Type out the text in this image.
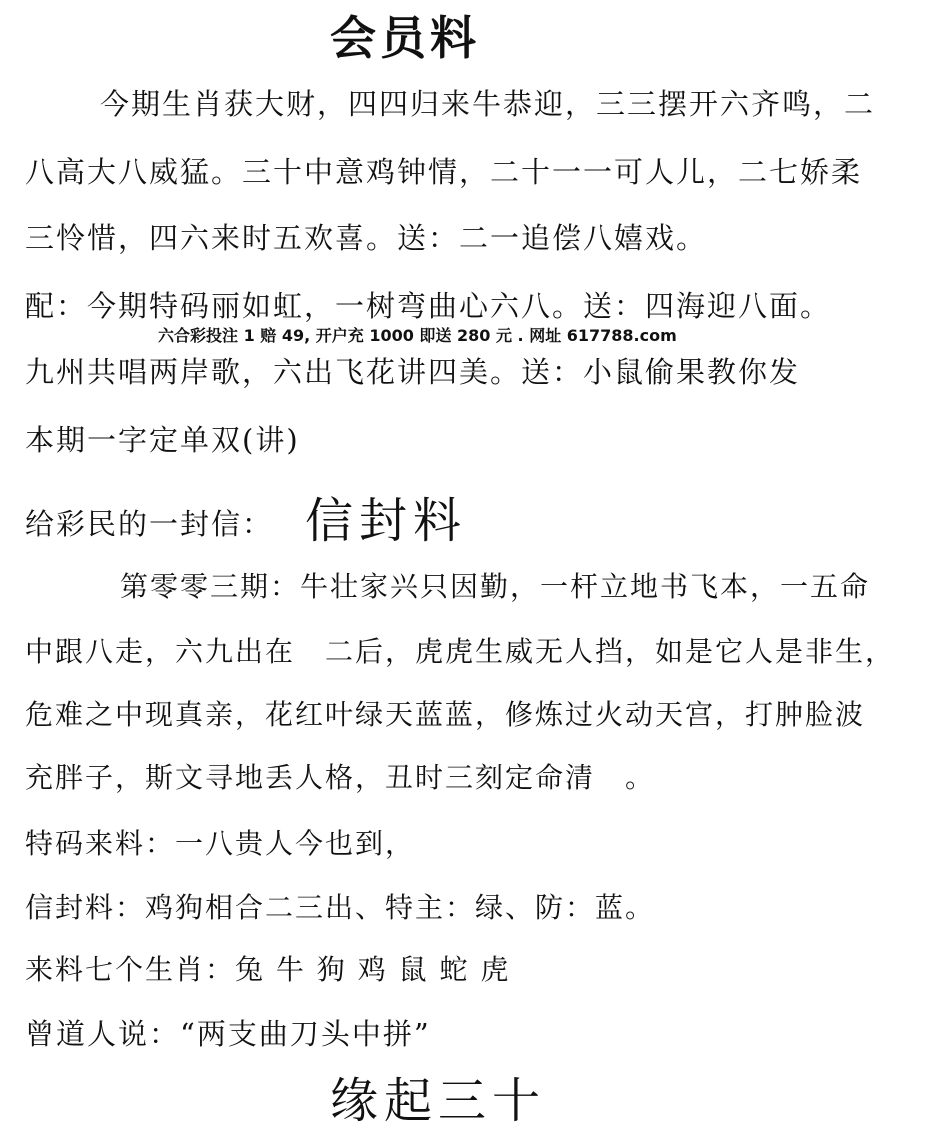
会员料
今期生肖获大财，四四归来牛恭迎，三三摆开六齐鸣，二
八高大八威猛。三十中意鸡钟情，二十一一可人儿，二七娇柔
三怜惜，四六来时五欢喜。送：二一追偿八嬉戏。
配：今期特码丽如虹，一树弯曲心六八。送：四海迎八面。
六合彩投注 1 赔 49, 开户充 1000 即送 280 元 . 网址 617788.com
九州共唱两岸歌，六出飞花讲四美。送：小鼠偷果教你发
本期一字定单双(讲)
给彩民的一封信： 信封料
第零零三期：牛壮家兴只因勤，一杆立地书飞本，一五命
中跟八走，六九出在　二后，虎虎生威无人挡，如是它人是非生，
危难之中现真亲，花红叶绿天蓝蓝，修炼过火动天宫，打肿脸波
充胖子，斯文寻地丢人格，丑时三刻定命清　。
特码来料：一八贵人今也到，
信封料：鸡狗相合二三出、特主：绿、防：蓝。
来料七个生肖：兔 牛 狗 鸡 鼠 蛇 虎
曾道人说：“两支曲刀头中拼”
缘起三十
